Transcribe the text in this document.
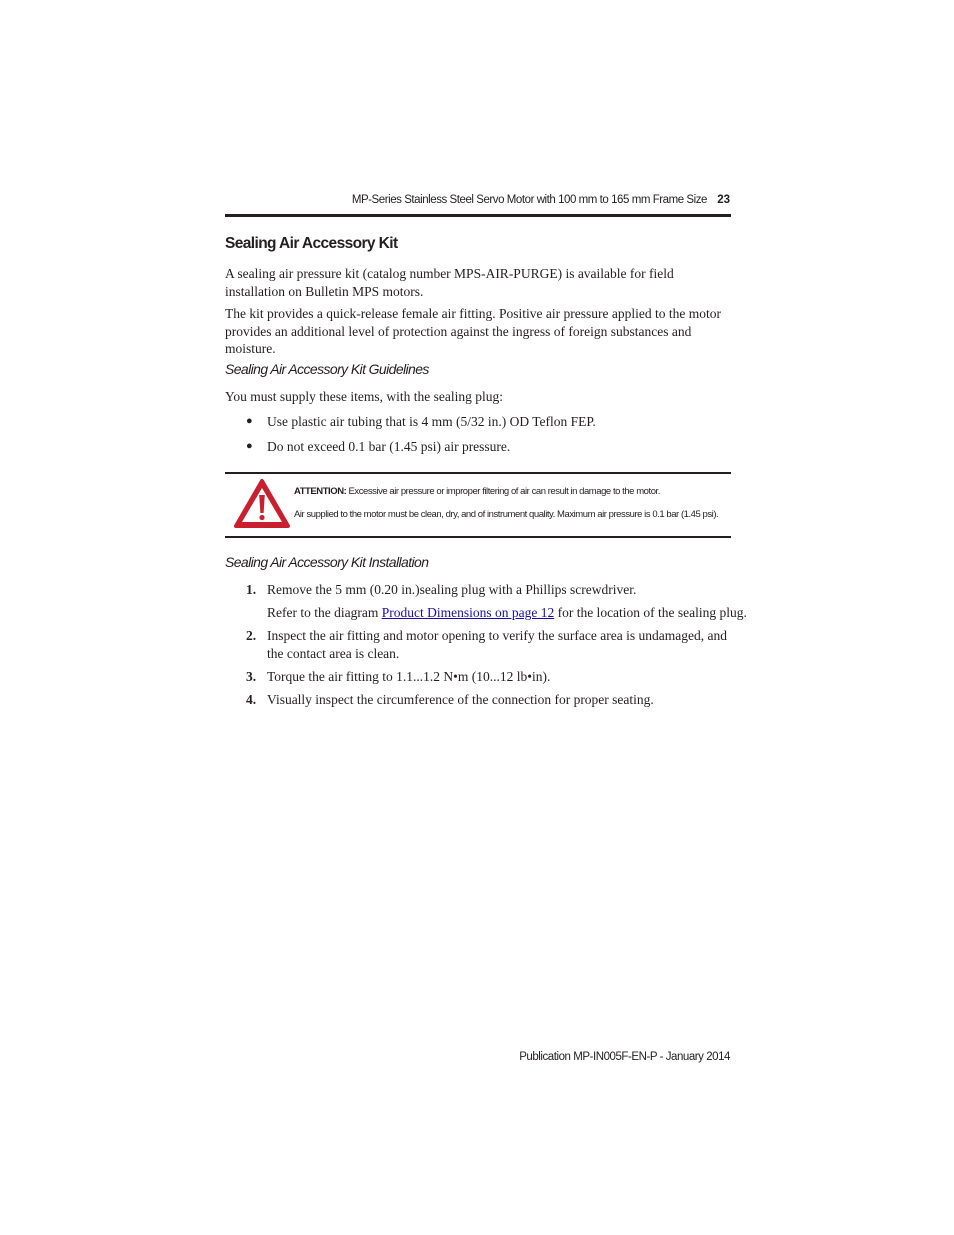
MP-Series Stainless Steel Servo Motor with 100 mm to 165 mm Frame Size 23
Sealing Air Accessory Kit

A sealing air pressure kit (catalog number MPS-AIR-PURGE) is available for field installation on Bulletin MPS motors.

The kit provides a quick-release female air fitting. Positive air pressure applied to the motor provides an additional level of protection against the ingress of foreign substances and moisture.

Sealing Air Accessory Kit Guidelines

You must supply these items, with the sealing plug:

● Use plastic air tubing that is 4 mm (5/32 in.) OD Teflon FEP.
● Do not exceed 0.1 bar (1.45 psi) air pressure.
ATTENTION: Excessive air pressure or improper filtering of air can result in damage to the motor.
Air supplied to the motor must be clean, dry, and of instrument quality. Maximum air pressure is 0.1 bar (1.45 psi).
Sealing Air Accessory Kit Installation
1. Remove the 5 mm (0.20 in.)sealing plug with a Phillips screwdriver.
Refer to the diagram Product Dimensions on page 12 for the location of the sealing plug.
2. Inspect the air fitting and motor opening to verify the surface area is undamaged, and the contact area is clean.
3. Torque the air fitting to 1.1...1.2 N•m (10...12 lb•in).
4. Visually inspect the circumference of the connection for proper seating.
Publication MP-IN005F-EN-P - January 2014
